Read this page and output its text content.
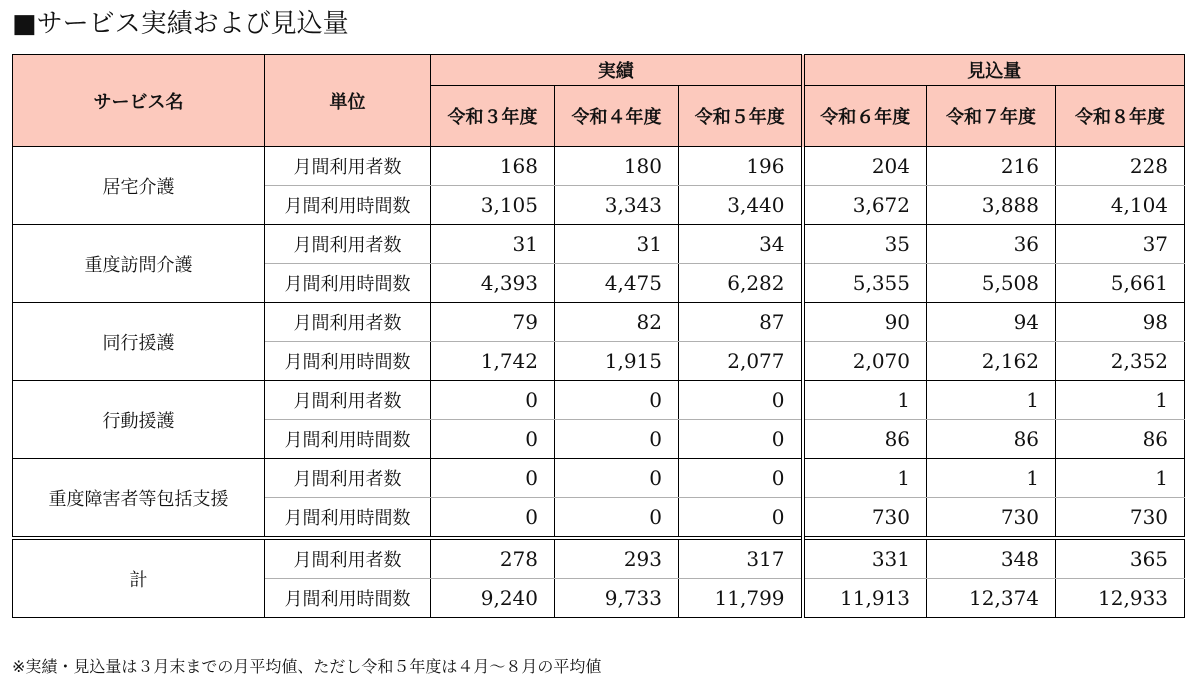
■サービス実績および見込量
サービス名	単位	実績			見込量		
		令和３年度	令和４年度	令和５年度	令和６年度	令和７年度	令和８年度
居宅介護	月間利用者数	168	180	196	204	216	228
	月間利用時間数	3,105	3,343	3,440	3,672	3,888	4,104
重度訪問介護	月間利用者数	31	31	34	35	36	37
	月間利用時間数	4,393	4,475	6,282	5,355	5,508	5,661
同行援護	月間利用者数	79	82	87	90	94	98
	月間利用時間数	1,742	1,915	2,077	2,070	2,162	2,352
行動援護	月間利用者数	0	0	0	1	1	1
	月間利用時間数	0	0	0	86	86	86
重度障害者等包括支援	月間利用者数	0	0	0	1	1	1
	月間利用時間数	0	0	0	730	730	730
計	月間利用者数	278	293	317	331	348	365
	月間利用時間数	9,240	9,733	11,799	11,913	12,374	12,933
※実績・見込量は３月末までの月平均値、ただし令和５年度は４月～８月の平均値
